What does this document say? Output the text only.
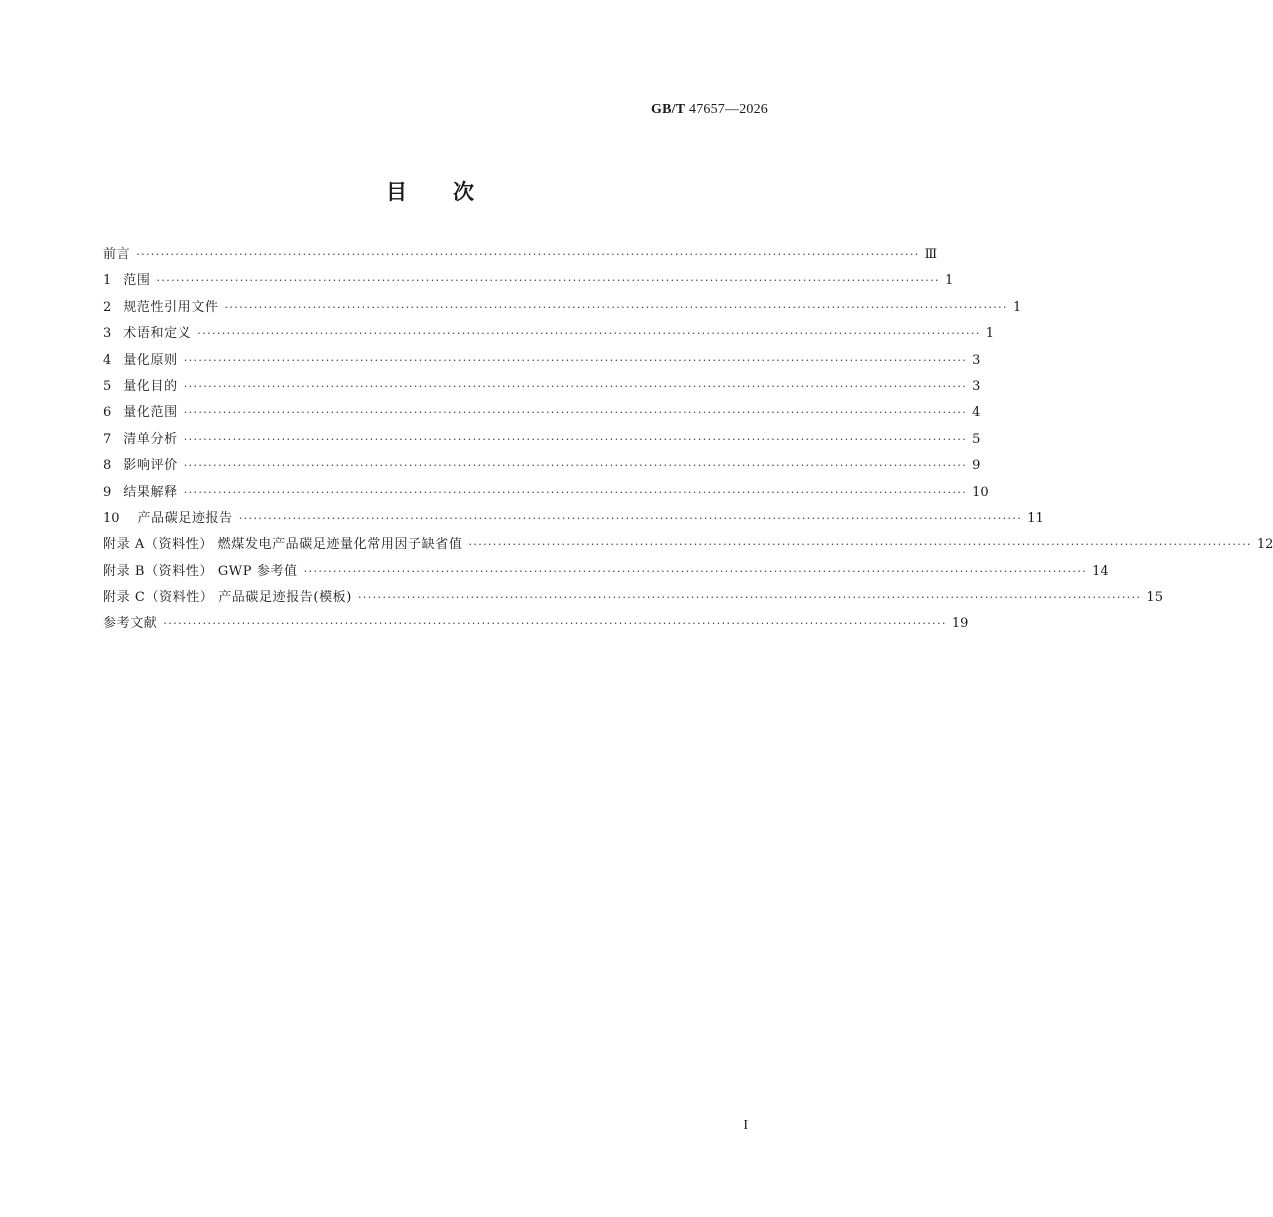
GB/T 47657—2026
目 次
前言 ································································································································································ Ⅲ
1 范围 ································································································································································ 1
2 规范性引用文件 ································································································································································ 1
3 术语和定义 ································································································································································ 1
4 量化原则 ································································································································································ 3
5 量化目的 ································································································································································ 3
6 量化范围 ································································································································································ 4
7 清单分析 ································································································································································ 5
8 影响评价 ································································································································································ 9
9 结果解释 ································································································································································ 10
10 产品碳足迹报告 ································································································································································ 11
附录 A（资料性） 燃煤发电产品碳足迹量化常用因子缺省值 ································································································································································ 12
附录 B（资料性） GWP 参考值 ································································································································································ 14
附录 C（资料性） 产品碳足迹报告(模板) ································································································································································ 15
参考文献 ································································································································································ 19
I
